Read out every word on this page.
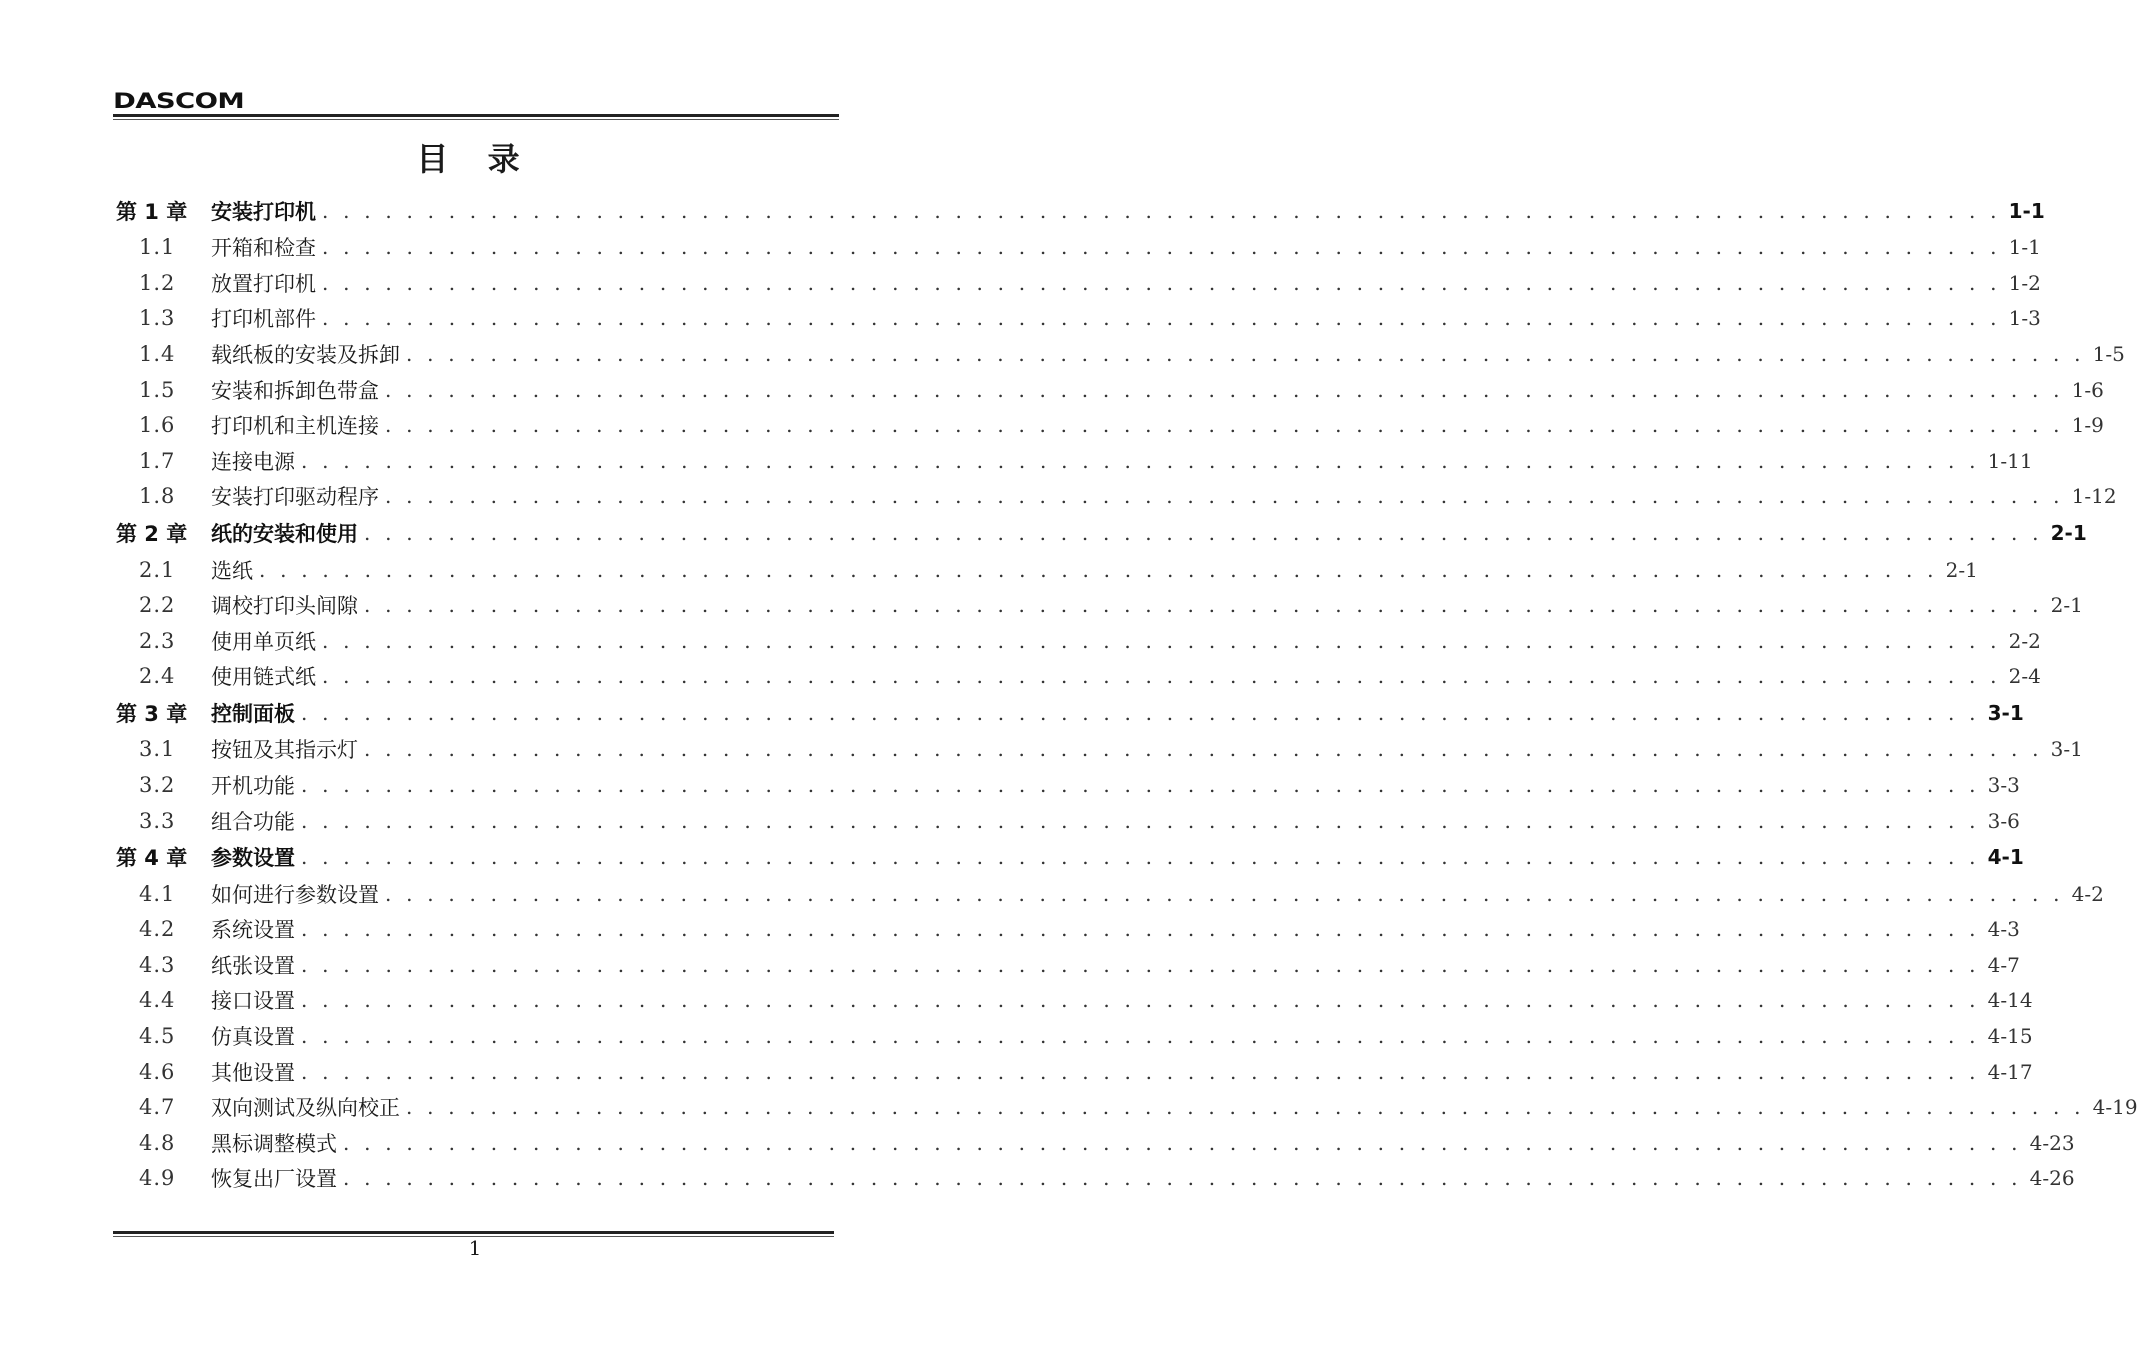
DASCOM
目 录
第 1 章	安装打印机 . . . . . . . . . . . . . . . . . . . . . . . . . . . . . . . . . . . . . . . . . . . . . . . . . . . . . . . . . . . . . . . . . . . . . . . . . . . . . . . . 1-1
1.1	开箱和检查 . . . . . . . . . . . . . . . . . . . . . . . . . . . . . . . . . . . . . . . . . . . . . . . . . . . . . . . . . . . . . . . . . . . . . . . . . . . . . . . . 1-1
1.2	放置打印机 . . . . . . . . . . . . . . . . . . . . . . . . . . . . . . . . . . . . . . . . . . . . . . . . . . . . . . . . . . . . . . . . . . . . . . . . . . . . . . . . 1-2
1.3	打印机部件 . . . . . . . . . . . . . . . . . . . . . . . . . . . . . . . . . . . . . . . . . . . . . . . . . . . . . . . . . . . . . . . . . . . . . . . . . . . . . . . . 1-3
1.4	载纸板的安装及拆卸 . . . . . . . . . . . . . . . . . . . . . . . . . . . . . . . . . . . . . . . . . . . . . . . . . . . . . . . . . . . . . . . . . . . . . . . . . . . . . . . . 1-5
1.5	安装和拆卸色带盒 . . . . . . . . . . . . . . . . . . . . . . . . . . . . . . . . . . . . . . . . . . . . . . . . . . . . . . . . . . . . . . . . . . . . . . . . . . . . . . . . 1-6
1.6	打印机和主机连接 . . . . . . . . . . . . . . . . . . . . . . . . . . . . . . . . . . . . . . . . . . . . . . . . . . . . . . . . . . . . . . . . . . . . . . . . . . . . . . . . 1-9
1.7	连接电源 . . . . . . . . . . . . . . . . . . . . . . . . . . . . . . . . . . . . . . . . . . . . . . . . . . . . . . . . . . . . . . . . . . . . . . . . . . . . . . . . 1-11
1.8	安装打印驱动程序 . . . . . . . . . . . . . . . . . . . . . . . . . . . . . . . . . . . . . . . . . . . . . . . . . . . . . . . . . . . . . . . . . . . . . . . . . . . . . . . . 1-12
第 2 章	纸的安装和使用 . . . . . . . . . . . . . . . . . . . . . . . . . . . . . . . . . . . . . . . . . . . . . . . . . . . . . . . . . . . . . . . . . . . . . . . . . . . . . . . . 2-1
2.1	选纸 . . . . . . . . . . . . . . . . . . . . . . . . . . . . . . . . . . . . . . . . . . . . . . . . . . . . . . . . . . . . . . . . . . . . . . . . . . . . . . . . 2-1
2.2	调校打印头间隙 . . . . . . . . . . . . . . . . . . . . . . . . . . . . . . . . . . . . . . . . . . . . . . . . . . . . . . . . . . . . . . . . . . . . . . . . . . . . . . . . 2-1
2.3	使用单页纸 . . . . . . . . . . . . . . . . . . . . . . . . . . . . . . . . . . . . . . . . . . . . . . . . . . . . . . . . . . . . . . . . . . . . . . . . . . . . . . . . 2-2
2.4	使用链式纸 . . . . . . . . . . . . . . . . . . . . . . . . . . . . . . . . . . . . . . . . . . . . . . . . . . . . . . . . . . . . . . . . . . . . . . . . . . . . . . . . 2-4
第 3 章	控制面板 . . . . . . . . . . . . . . . . . . . . . . . . . . . . . . . . . . . . . . . . . . . . . . . . . . . . . . . . . . . . . . . . . . . . . . . . . . . . . . . . 3-1
3.1	按钮及其指示灯 . . . . . . . . . . . . . . . . . . . . . . . . . . . . . . . . . . . . . . . . . . . . . . . . . . . . . . . . . . . . . . . . . . . . . . . . . . . . . . . . 3-1
3.2	开机功能 . . . . . . . . . . . . . . . . . . . . . . . . . . . . . . . . . . . . . . . . . . . . . . . . . . . . . . . . . . . . . . . . . . . . . . . . . . . . . . . . 3-3
3.3	组合功能 . . . . . . . . . . . . . . . . . . . . . . . . . . . . . . . . . . . . . . . . . . . . . . . . . . . . . . . . . . . . . . . . . . . . . . . . . . . . . . . . 3-6
第 4 章	参数设置 . . . . . . . . . . . . . . . . . . . . . . . . . . . . . . . . . . . . . . . . . . . . . . . . . . . . . . . . . . . . . . . . . . . . . . . . . . . . . . . . 4-1
4.1	如何进行参数设置 . . . . . . . . . . . . . . . . . . . . . . . . . . . . . . . . . . . . . . . . . . . . . . . . . . . . . . . . . . . . . . . . . . . . . . . . . . . . . . . . 4-2
4.2	系统设置 . . . . . . . . . . . . . . . . . . . . . . . . . . . . . . . . . . . . . . . . . . . . . . . . . . . . . . . . . . . . . . . . . . . . . . . . . . . . . . . . 4-3
4.3	纸张设置 . . . . . . . . . . . . . . . . . . . . . . . . . . . . . . . . . . . . . . . . . . . . . . . . . . . . . . . . . . . . . . . . . . . . . . . . . . . . . . . . 4-7
4.4	接口设置 . . . . . . . . . . . . . . . . . . . . . . . . . . . . . . . . . . . . . . . . . . . . . . . . . . . . . . . . . . . . . . . . . . . . . . . . . . . . . . . . 4-14
4.5	仿真设置 . . . . . . . . . . . . . . . . . . . . . . . . . . . . . . . . . . . . . . . . . . . . . . . . . . . . . . . . . . . . . . . . . . . . . . . . . . . . . . . . 4-15
4.6	其他设置 . . . . . . . . . . . . . . . . . . . . . . . . . . . . . . . . . . . . . . . . . . . . . . . . . . . . . . . . . . . . . . . . . . . . . . . . . . . . . . . . 4-17
4.7	双向测试及纵向校正 . . . . . . . . . . . . . . . . . . . . . . . . . . . . . . . . . . . . . . . . . . . . . . . . . . . . . . . . . . . . . . . . . . . . . . . . . . . . . . . . 4-19
4.8	黑标调整模式 . . . . . . . . . . . . . . . . . . . . . . . . . . . . . . . . . . . . . . . . . . . . . . . . . . . . . . . . . . . . . . . . . . . . . . . . . . . . . . . . 4-23
4.9	恢复出厂设置 . . . . . . . . . . . . . . . . . . . . . . . . . . . . . . . . . . . . . . . . . . . . . . . . . . . . . . . . . . . . . . . . . . . . . . . . . . . . . . . . 4-26
1
